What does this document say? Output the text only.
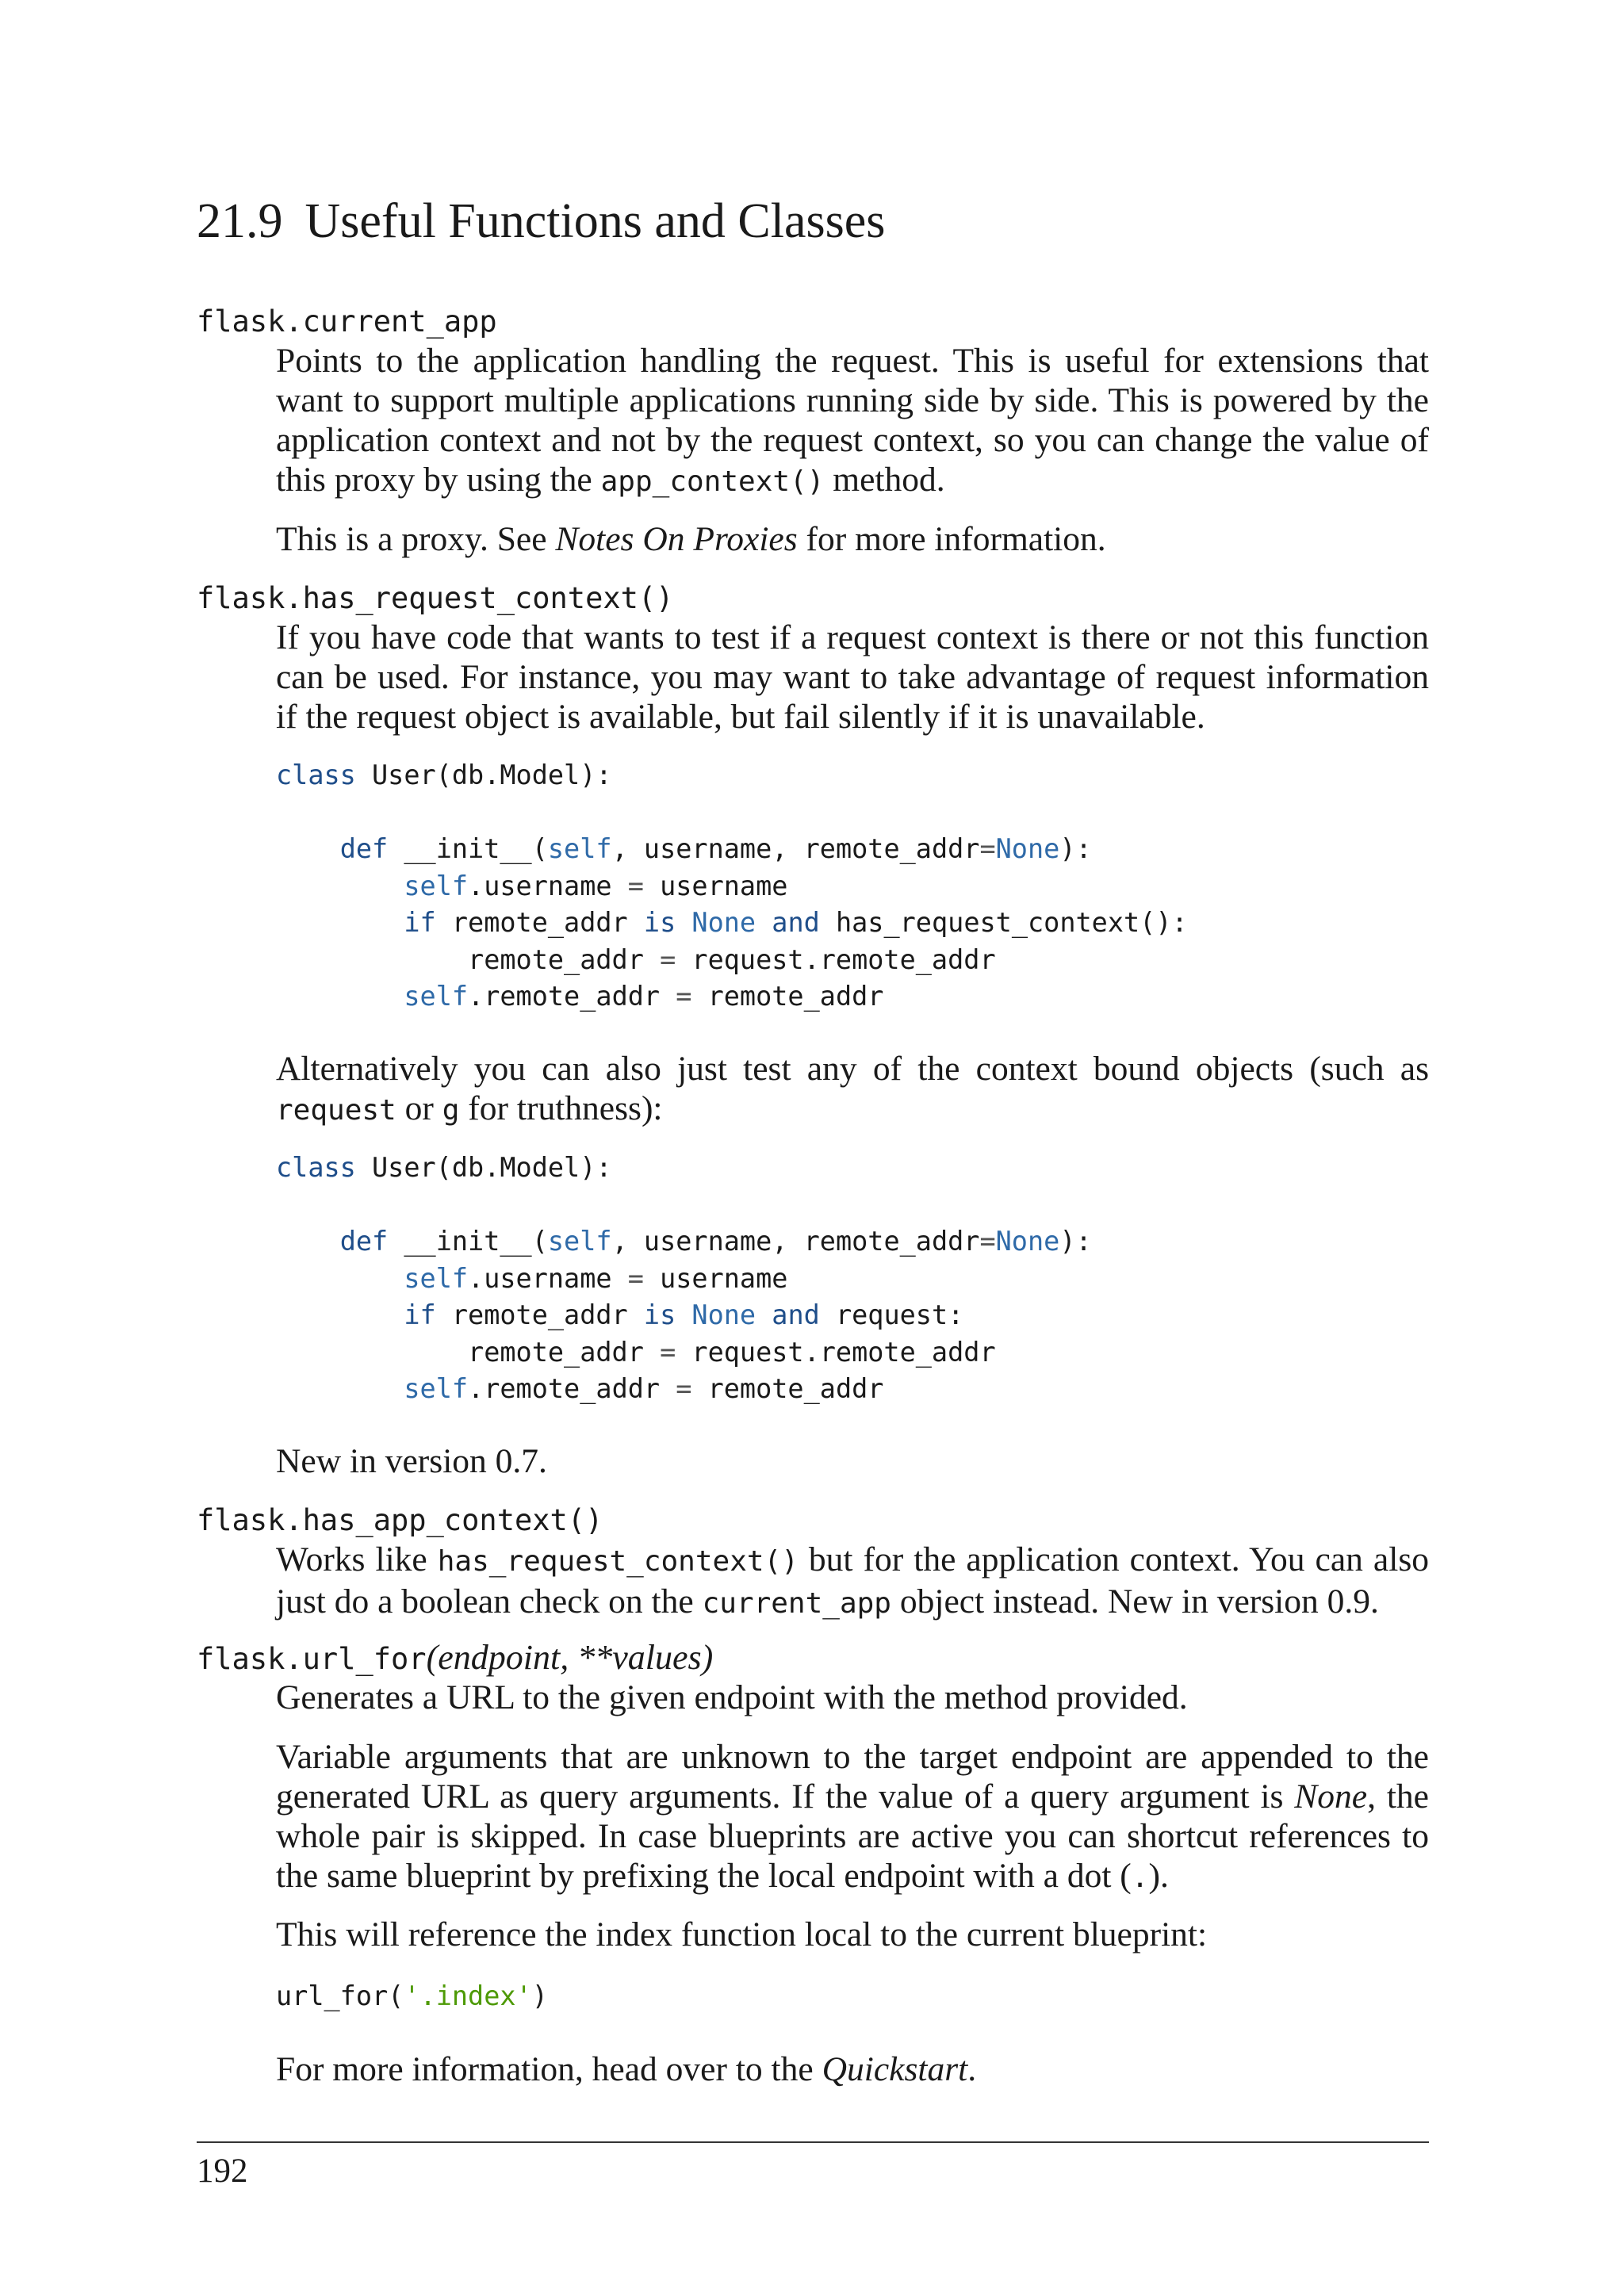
21.9 Useful Functions and Classes
flask.current_app

Points to the application handling the request. This is useful for extensions that want to support multiple applications running side by side. This is powered by the application context and not by the request context, so you can change the value of this proxy by using the app_context() method.

This is a proxy. See Notes On Proxies for more information.

flask.has_request_context()

If you have code that wants to test if a request context is there or not this function can be used. For instance, you may want to take advantage of request information if the request object is available, but fail silently if it is unavailable.

class User(db.Model):

def __init__(self, username, remote_addr=None):
self.username = username
if remote_addr is None and has_request_context():
remote_addr = request.remote_addr
self.remote_addr = remote_addr

Alternatively you can also just test any of the context bound objects (such as request or g for truthness):

class User(db.Model):

def __init__(self, username, remote_addr=None):
self.username = username
if remote_addr is None and request:
remote_addr = request.remote_addr
self.remote_addr = remote_addr

New in version 0.7.

flask.has_app_context()

Works like has_request_context() but for the application context. You can also just do a boolean check on the current_app object instead. New in version 0.9.

flask.url_for(endpoint, **values)

Generates a URL to the given endpoint with the method provided.

Variable arguments that are unknown to the target endpoint are appended to the generated URL as query arguments. If the value of a query argument is None, the whole pair is skipped. In case blueprints are active you can shortcut references to the same blueprint by prefixing the local endpoint with a dot (.).

This will reference the index function local to the current blueprint:

url_for('.index')

For more information, head over to the Quickstart.

192
